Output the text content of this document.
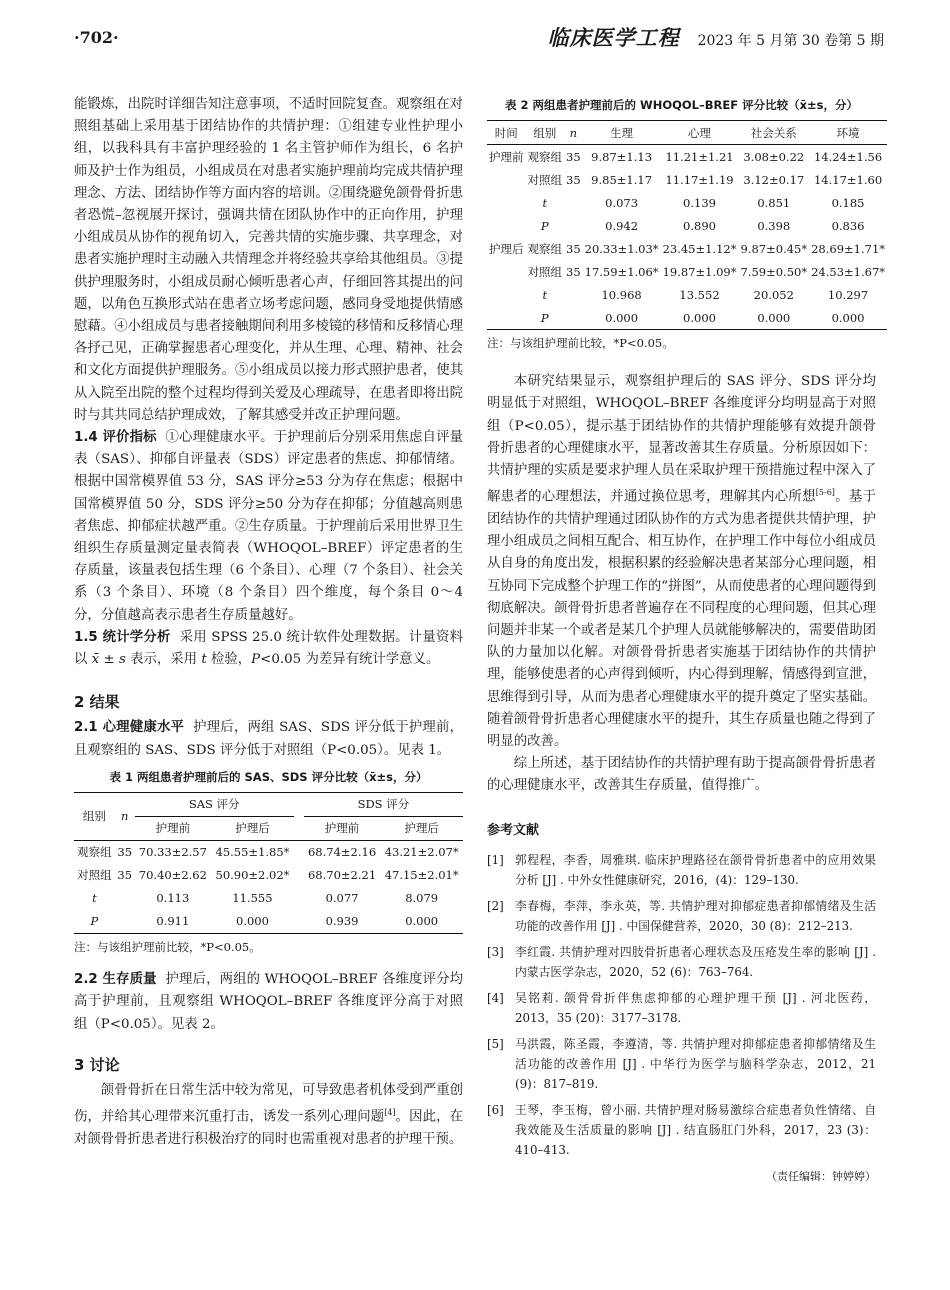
·702·	临床医学工程 2023 年 5 月第 30 卷第 5 期

能锻炼，出院时详细告知注意事项，不适时回院复查。观察组在对照组基础上采用基于团结协作的共情护理：①组建专业性护理小组，以我科具有丰富护理经验的 1 名主管护师作为组长，6 名护师及护士作为组员，小组成员在对患者实施护理前均完成共情护理理念、方法、团结协作等方面内容的培训。②围绕避免颌骨骨折患者恐慌–忽视展开探讨，强调共情在团队协作中的正向作用，护理小组成员从协作的视角切入，完善共情的实施步骤、共享理念，对患者实施护理时主动融入共情理念并将经验共享给其他组员。③提供护理服务时，小组成员耐心倾听患者心声，仔细回答其提出的问题，以角色互换形式站在患者立场考虑问题，感同身受地提供情感慰藉。④小组成员与患者接触期间利用多棱镜的移情和反移情心理各抒己见，正确掌握患者心理变化，并从生理、心理、精神、社会和文化方面提供护理服务。⑤小组成员以接力形式照护患者，使其从入院至出院的整个过程均得到关爱及心理疏导，在患者即将出院时与其共同总结护理成效，了解其感受并改正护理问题。

1.4 评价指标 ①心理健康水平。于护理前后分别采用焦虑自评量表（SAS）、抑郁自评量表（SDS）评定患者的焦虑、抑郁情绪。根据中国常模界值 53 分，SAS 评分≥53 分为存在焦虑；根据中国常模界值 50 分，SDS 评分≥50 分为存在抑郁；分值越高则患者焦虑、抑郁症状越严重。②生存质量。于护理前后采用世界卫生组织生存质量测定量表简表（WHOQOL–BREF）评定患者的生存质量，该量表包括生理（6 个条目）、心理（7 个条目）、社会关系（3 个条目）、环境（8 个条目）四个维度，每个条目 0～4 分，分值越高表示患者生存质量越好。

1.5 统计学分析 采用 SPSS 25.0 统计软件处理数据。计量资料以 x̄ ± s 表示，采用 t 检验，P<0.05 为差异有统计学意义。

2 结果

2.1 心理健康水平 护理后，两组 SAS、SDS 评分低于护理前，且观察组的 SAS、SDS 评分低于对照组（P<0.05）。见表 1。

表 1 两组患者护理前后的 SAS、SDS 评分比较（x̄±s，分）
组别	n	SAS 评分			SDS 评分	
		护理前	护理后		护理前	护理后
观察组	35	70.33±2.57	45.55±1.85*		68.74±2.16	43.21±2.07*
对照组	35	70.40±2.62	50.90±2.02*		68.70±2.21	47.15±2.01*
t		0.113	11.555		0.077	8.079
P		0.911	0.000		0.939	0.000
注：与该组护理前比较，*P<0.05。

2.2 生存质量 护理后，两组的 WHOQOL–BREF 各维度评分均高于护理前，且观察组 WHOQOL–BREF 各维度评分高于对照组（P<0.05）。见表 2。

3 讨论

颌骨骨折在日常生活中较为常见，可导致患者机体受到严重创伤，并给其心理带来沉重打击，诱发一系列心理问题[4]。因此，在对颌骨骨折患者进行积极治疗的同时也需重视对患者的护理干预。

表 2 两组患者护理前后的 WHOQOL–BREF 评分比较（x̄±s，分）
时间	组别	n	生理	心理	社会关系	环境
护理前	观察组	35	9.87±1.13	11.21±1.21	3.08±0.22	14.24±1.56
	对照组	35	9.85±1.17	11.17±1.19	3.12±0.17	14.17±1.60
	t		0.073	0.139	0.851	0.185
	P		0.942	0.890	0.398	0.836
护理后	观察组	35	20.33±1.03*	23.45±1.12*	9.87±0.45*	28.69±1.71*
	对照组	35	17.59±1.06*	19.87±1.09*	7.59±0.50*	24.53±1.67*
	t		10.968	13.552	20.052	10.297
	P		0.000	0.000	0.000	0.000
注：与该组护理前比较，*P<0.05。

本研究结果显示，观察组护理后的 SAS 评分、SDS 评分均明显低于对照组，WHOQOL–BREF 各维度评分均明显高于对照组（P<0.05），提示基于团结协作的共情护理能够有效提升颌骨骨折患者的心理健康水平，显著改善其生存质量。分析原因如下：共情护理的实质是要求护理人员在采取护理干预措施过程中深入了解患者的心理想法，并通过换位思考，理解其内心所想[5-6]。基于团结协作的共情护理通过团队协作的方式为患者提供共情护理，护理小组成员之间相互配合、相互协作，在护理工作中每位小组成员从自身的角度出发，根据积累的经验解决患者某部分心理问题，相互协同下完成整个护理工作的“拼图”，从而使患者的心理问题得到彻底解决。颌骨骨折患者普遍存在不同程度的心理问题，但其心理问题并非某一个或者是某几个护理人员就能够解决的，需要借助团队的力量加以化解。对颌骨骨折患者实施基于团结协作的共情护理，能够使患者的心声得到倾听，内心得到理解，情感得到宣泄，思维得到引导，从而为患者心理健康水平的提升奠定了坚实基础。随着颌骨骨折患者心理健康水平的提升，其生存质量也随之得到了明显的改善。

综上所述，基于团结协作的共情护理有助于提高颌骨骨折患者的心理健康水平，改善其生存质量，值得推广。

参考文献
[1] 郭程程，李香，周雅琪. 临床护理路径在颌骨骨折患者中的应用效果分析 [J] . 中外女性健康研究，2016，(4)：129–130.
[2] 李春梅，李萍，李永英，等. 共情护理对抑郁症患者抑郁情绪及生活功能的改善作用 [J] . 中国保健营养，2020，30 (8)：212–213.
[3] 李红霞. 共情护理对四肢骨折患者心理状态及压疮发生率的影响 [J] . 内蒙古医学杂志，2020，52 (6)：763–764.
[4] 吴铭莉. 颌骨骨折伴焦虑抑郁的心理护理干预 [J] . 河北医药，2013，35 (20)：3177–3178.
[5] 马洪霞，陈圣霞，李遵清，等. 共情护理对抑郁症患者抑郁情绪及生活功能的改善作用 [J] . 中华行为医学与脑科学杂志，2012，21 (9)：817–819.
[6] 王琴，李玉梅，曾小丽. 共情护理对肠易激综合症患者负性情绪、自我效能及生活质量的影响 [J] . 结直肠肛门外科，2017，23 (3)：410–413.
（责任编辑：钟婷婷）
